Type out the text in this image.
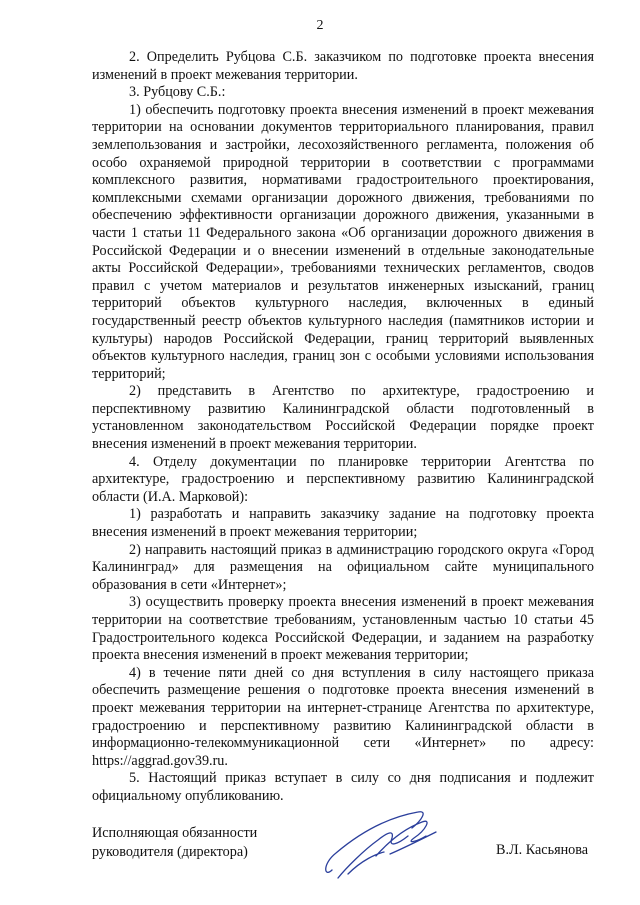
2

2. Определить Рубцова С.Б. заказчиком по подготовке проекта внесения изменений в проект межевания территории.

3. Рубцову С.Б.:

1) обеспечить подготовку проекта внесения изменений в проект межевания территории на основании документов территориального планирования, правил землепользования и застройки, лесохозяйственного регламента, положения об особо охраняемой природной территории в соответствии с программами комплексного развития, нормативами градостроительного проектирования, комплексными схемами организации дорожного движения, требованиями по обеспечению эффективности организации дорожного движения, указанными в части 1 статьи 11 Федерального закона «Об организации дорожного движения в Российской Федерации и о внесении изменений в отдельные законодательные акты Российской Федерации», требованиями технических регламентов, сводов правил с учетом материалов и результатов инженерных изысканий, границ территорий объектов культурного наследия, включенных в единый государственный реестр объектов культурного наследия (памятников истории и культуры) народов Российской Федерации, границ территорий выявленных объектов культурного наследия, границ зон с особыми условиями использования территорий;

2) представить в Агентство по архитектуре, градостроению и перспективному развитию Калининградской области подготовленный в установленном законодательством Российской Федерации порядке проект внесения изменений в проект межевания территории.

4. Отделу документации по планировке территории Агентства по архитектуре, градостроению и перспективному развитию Калининградской области (И.А. Марковой):

1) разработать и направить заказчику задание на подготовку проекта внесения изменений в проект межевания территории;

2) направить настоящий приказ в администрацию городского округа «Город Калининград» для размещения на официальном сайте муниципального образования в сети «Интернет»;

3) осуществить проверку проекта внесения изменений в проект межевания территории на соответствие требованиям, установленным частью 10 статьи 45 Градостроительного кодекса Российской Федерации, и заданием на разработку проекта внесения изменений в проект межевания территории;

4) в течение пяти дней со дня вступления в силу настоящего приказа обеспечить размещение решения о подготовке проекта внесения изменений в проект межевания территории на интернет-странице Агентства по архитектуре, градостроению и перспективному развитию Калининградской области в информационно-телекоммуникационной сети «Интернет» по адресу: https://aggrad.gov39.ru.

5. Настоящий приказ вступает в силу со дня подписания и подлежит официальному опубликованию.

Исполняющая обязанности
руководителя (директора)	В.Л. Касьянова
